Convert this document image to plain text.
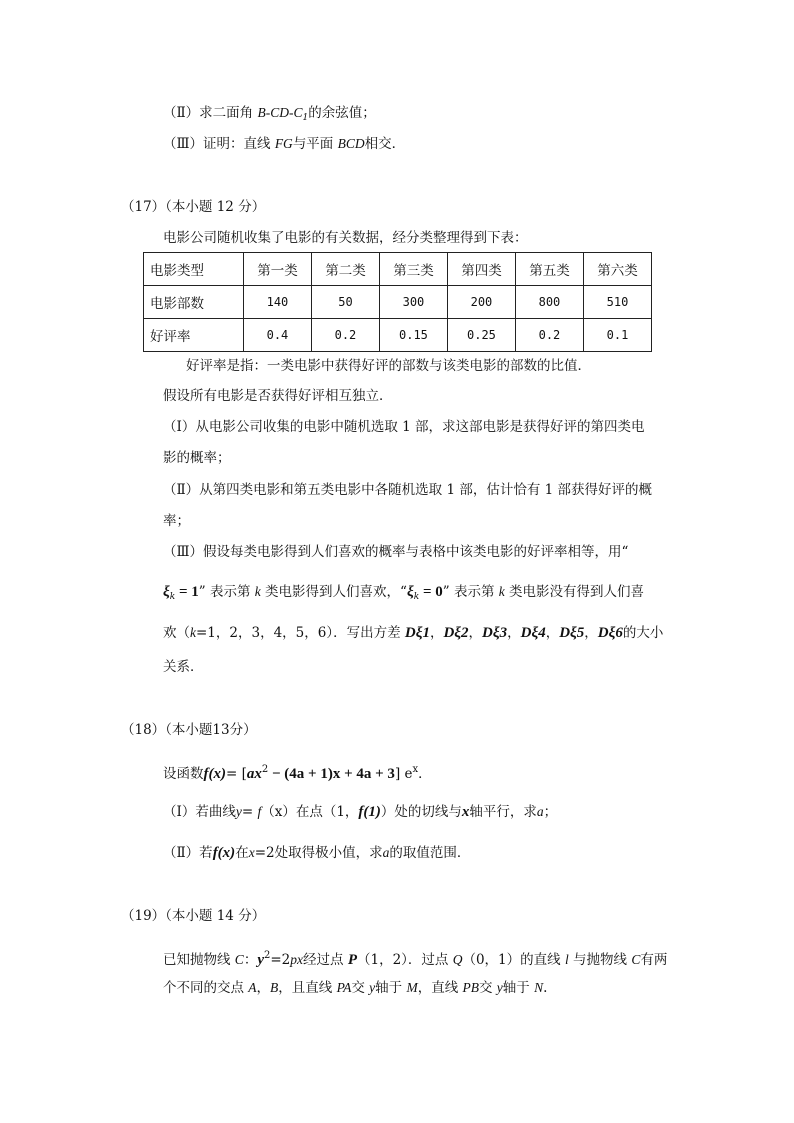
（Ⅱ）求二面角 $B-CD-C_1$的余弦值；
（Ⅲ）证明：直线 FG与平面 BCD相交．
（17）（本小题 12 分）
电影公司随机收集了电影的有关数据，经分类整理得到下表：
电影类型	第一类	第二类	第三类	第四类	第五类	第六类
电影部数	140	50	300	200	800	510
好评率	0.4	0.2	0.15	0.25	0.2	0.1
好评率是指：一类电影中获得好评的部数与该类电影的部数的比值．
假设所有电影是否获得好评相互独立．
（Ⅰ）从电影公司收集的电影中随机选取 1 部，求这部电影是获得好评的第四类电
影的概率；
（Ⅱ）从第四类电影和第五类电影中各随机选取 1 部，估计恰有 1 部获得好评的概
率；
（Ⅲ）假设每类电影得到人们喜欢的概率与表格中该类电影的好评率相等，用“
$\xi_k = 1$” 表示第 k 类电影得到人们喜欢，“$\xi_k = 0$” 表示第 k 类电影没有得到人们喜
欢（k=1，2，3，4，5，6）．写出方差 Dξ1，Dξ2，Dξ3，Dξ4，Dξ5，Dξ6的大小
关系．
（18）（本小题13分）
设函数$f(x)= [ax^2 - (4a + 1)x + 4a + 3]$ $e^x$．
（Ⅰ）若曲线y= f（x）在点（1，f(1)）处的切线与x轴平行，求a；
（Ⅱ）若f(x)在x=2处取得极小值，求a的取值范围．
（19）（本小题 14 分）
已知抛物线 C：$y^2=2px$经过点 P（1，2）．过点 Q（0，1）的直线 l 与抛物线 C有两
个不同的交点 A，B，且直线 PA交 y轴于 M，直线 PB交 y轴于 N.
